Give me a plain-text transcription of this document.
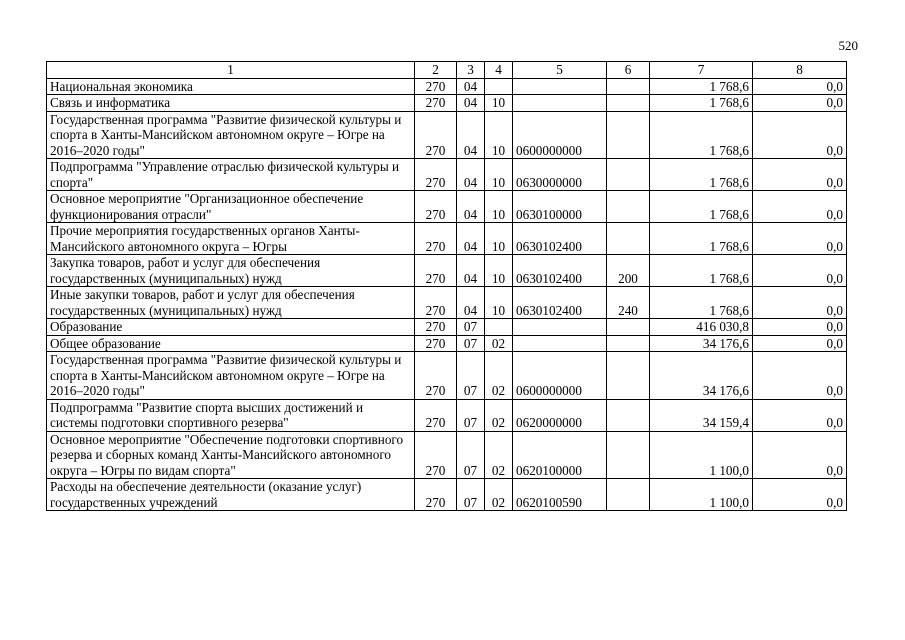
520
1	2	3	4	5	6	7	8
Национальная экономика	270	04				1 768,6	0,0
Связь и информатика	270	04	10			1 768,6	0,0
Государственная программа "Развитие физической культуры и спорта в Ханты-Мансийском автономном округе – Югре на 2016–2020 годы"	270	04	10	0600000000		1 768,6	0,0
Подпрограмма "Управление отраслью физической культуры и спорта"	270	04	10	0630000000		1 768,6	0,0
Основное мероприятие "Организационное обеспечение функционирования отрасли"	270	04	10	0630100000		1 768,6	0,0
Прочие мероприятия государственных органов Ханты-Мансийского автономного округа – Югры	270	04	10	0630102400		1 768,6	0,0
Закупка товаров, работ и услуг для обеспечения государственных (муниципальных) нужд	270	04	10	0630102400	200	1 768,6	0,0
Иные закупки товаров, работ и услуг для обеспечения государственных (муниципальных) нужд	270	04	10	0630102400	240	1 768,6	0,0
Образование	270	07				416 030,8	0,0
Общее образование	270	07	02			34 176,6	0,0
Государственная программа "Развитие физической культуры и спорта в Ханты-Мансийском автономном округе – Югре на 2016–2020 годы"	270	07	02	0600000000		34 176,6	0,0
Подпрограмма "Развитие спорта высших достижений и системы подготовки спортивного резерва"	270	07	02	0620000000		34 159,4	0,0
Основное мероприятие "Обеспечение подготовки спортивного резерва и сборных команд Ханты-Мансийского автономного округа – Югры по видам спорта"	270	07	02	0620100000		1 100,0	0,0
Расходы на обеспечение деятельности (оказание услуг) государственных учреждений	270	07	02	0620100590		1 100,0	0,0
